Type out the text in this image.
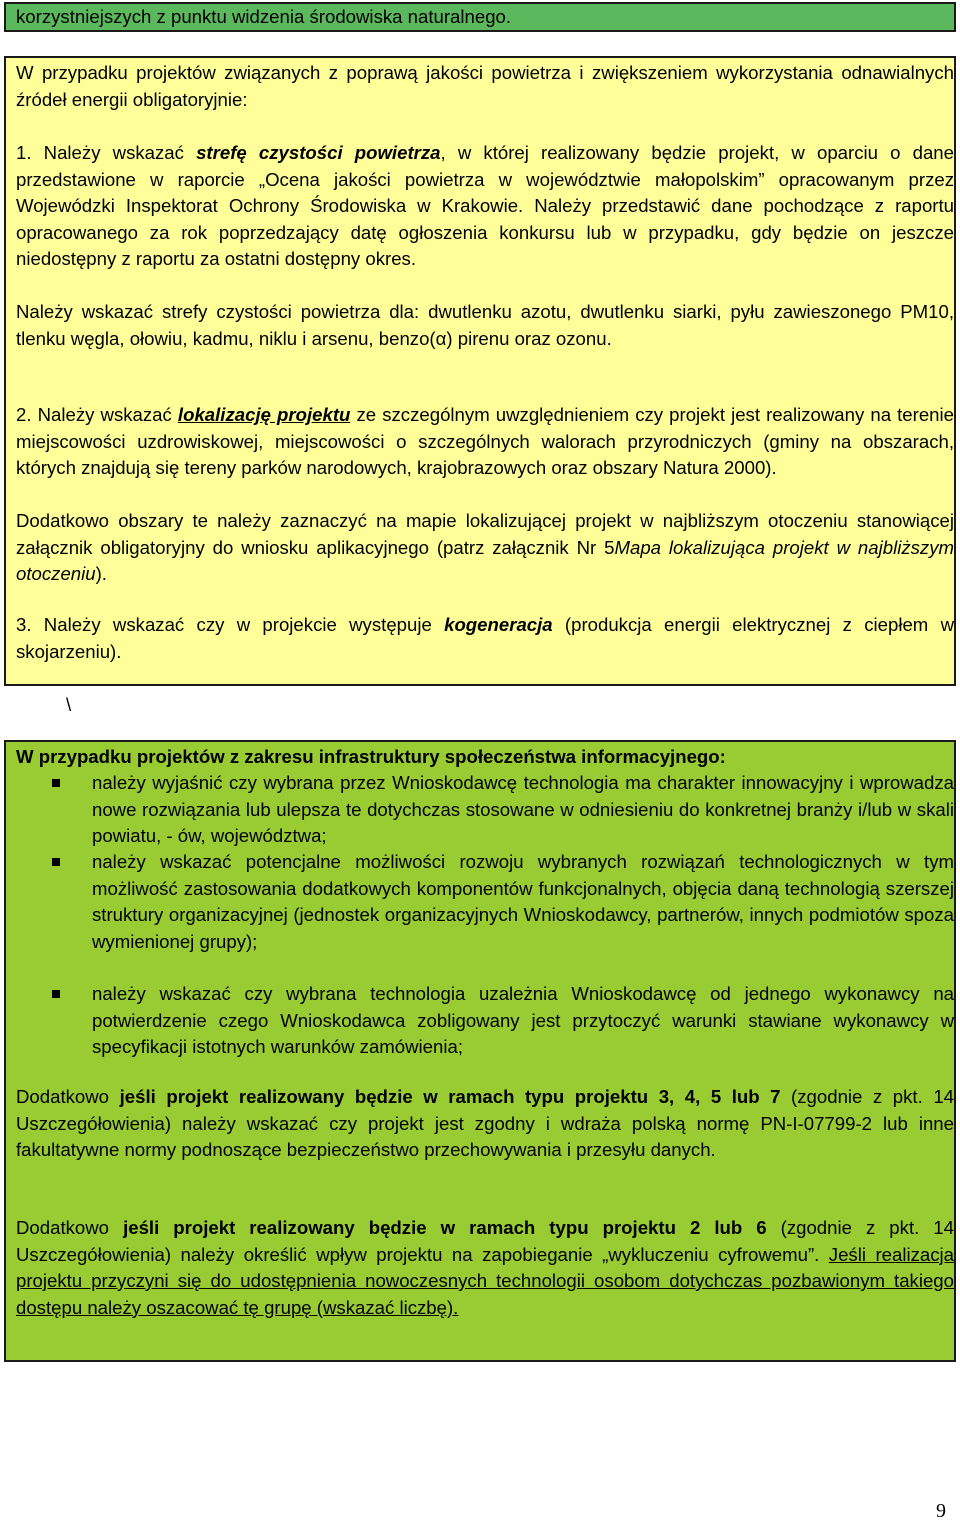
korzystniejszych z punktu widzenia środowiska naturalnego.

W przypadku projektów związanych z poprawą jakości powietrza i zwiększeniem wykorzystania odnawialnych źródeł energii obligatoryjnie:

1. Należy wskazać strefę czystości powietrza, w której realizowany będzie projekt, w oparciu o dane przedstawione w raporcie „Ocena jakości powietrza w województwie małopolskim” opracowanym przez Wojewódzki Inspektorat Ochrony Środowiska w Krakowie. Należy przedstawić dane pochodzące z raportu opracowanego za rok poprzedzający datę ogłoszenia konkursu lub w przypadku, gdy będzie on jeszcze niedostępny z raportu za ostatni dostępny okres.

Należy wskazać strefy czystości powietrza dla: dwutlenku azotu, dwutlenku siarki, pyłu zawieszonego PM10, tlenku węgla, ołowiu, kadmu, niklu i arsenu, benzo(α) pirenu oraz ozonu.

2. Należy wskazać lokalizację projektu ze szczególnym uwzględnieniem czy projekt jest realizowany na terenie miejscowości uzdrowiskowej, miejscowości o szczególnych walorach przyrodniczych (gminy na obszarach, których znajdują się tereny parków narodowych, krajobrazowych oraz obszary Natura 2000).

Dodatkowo obszary te należy zaznaczyć na mapie lokalizującej projekt w najbliższym otoczeniu stanowiącej załącznik obligatoryjny do wniosku aplikacyjnego (patrz załącznik Nr 5Mapa lokalizująca projekt w najbliższym otoczeniu).

3. Należy wskazać czy w projekcie występuje kogeneracja (produkcja energii elektrycznej z ciepłem w skojarzeniu).

\

W przypadku projektów z zakresu infrastruktury społeczeństwa informacyjnego:

należy wyjaśnić czy wybrana przez Wnioskodawcę technologia ma charakter innowacyjny i wprowadza nowe rozwiązania lub ulepsza te dotychczas stosowane w odniesieniu do konkretnej branży i/lub w skali powiatu, - ów, województwa;

należy wskazać potencjalne możliwości rozwoju wybranych rozwiązań technologicznych w tym możliwość zastosowania dodatkowych komponentów funkcjonalnych, objęcia daną technologią szerszej struktury organizacyjnej (jednostek organizacyjnych Wnioskodawcy, partnerów, innych podmiotów spoza wymienionej grupy);

należy wskazać czy wybrana technologia uzależnia Wnioskodawcę od jednego wykonawcy na potwierdzenie czego Wnioskodawca zobligowany jest przytoczyć warunki stawiane wykonawcy w specyfikacji istotnych warunków zamówienia;

Dodatkowo jeśli projekt realizowany będzie w ramach typu projektu 3, 4, 5 lub 7 (zgodnie z pkt. 14 Uszczegółowienia) należy wskazać czy projekt jest zgodny i wdraża polską normę PN-I-07799-2 lub inne fakultatywne normy podnoszące bezpieczeństwo przechowywania i przesyłu danych.

Dodatkowo jeśli projekt realizowany będzie w ramach typu projektu 2 lub 6 (zgodnie z pkt. 14 Uszczegółowienia) należy określić wpływ projektu na zapobieganie „wykluczeniu cyfrowemu”. Jeśli realizacja projektu przyczyni się do udostępnienia nowoczesnych technologii osobom dotychczas pozbawionym takiego dostępu należy oszacować tę grupę (wskazać liczbę).

9
